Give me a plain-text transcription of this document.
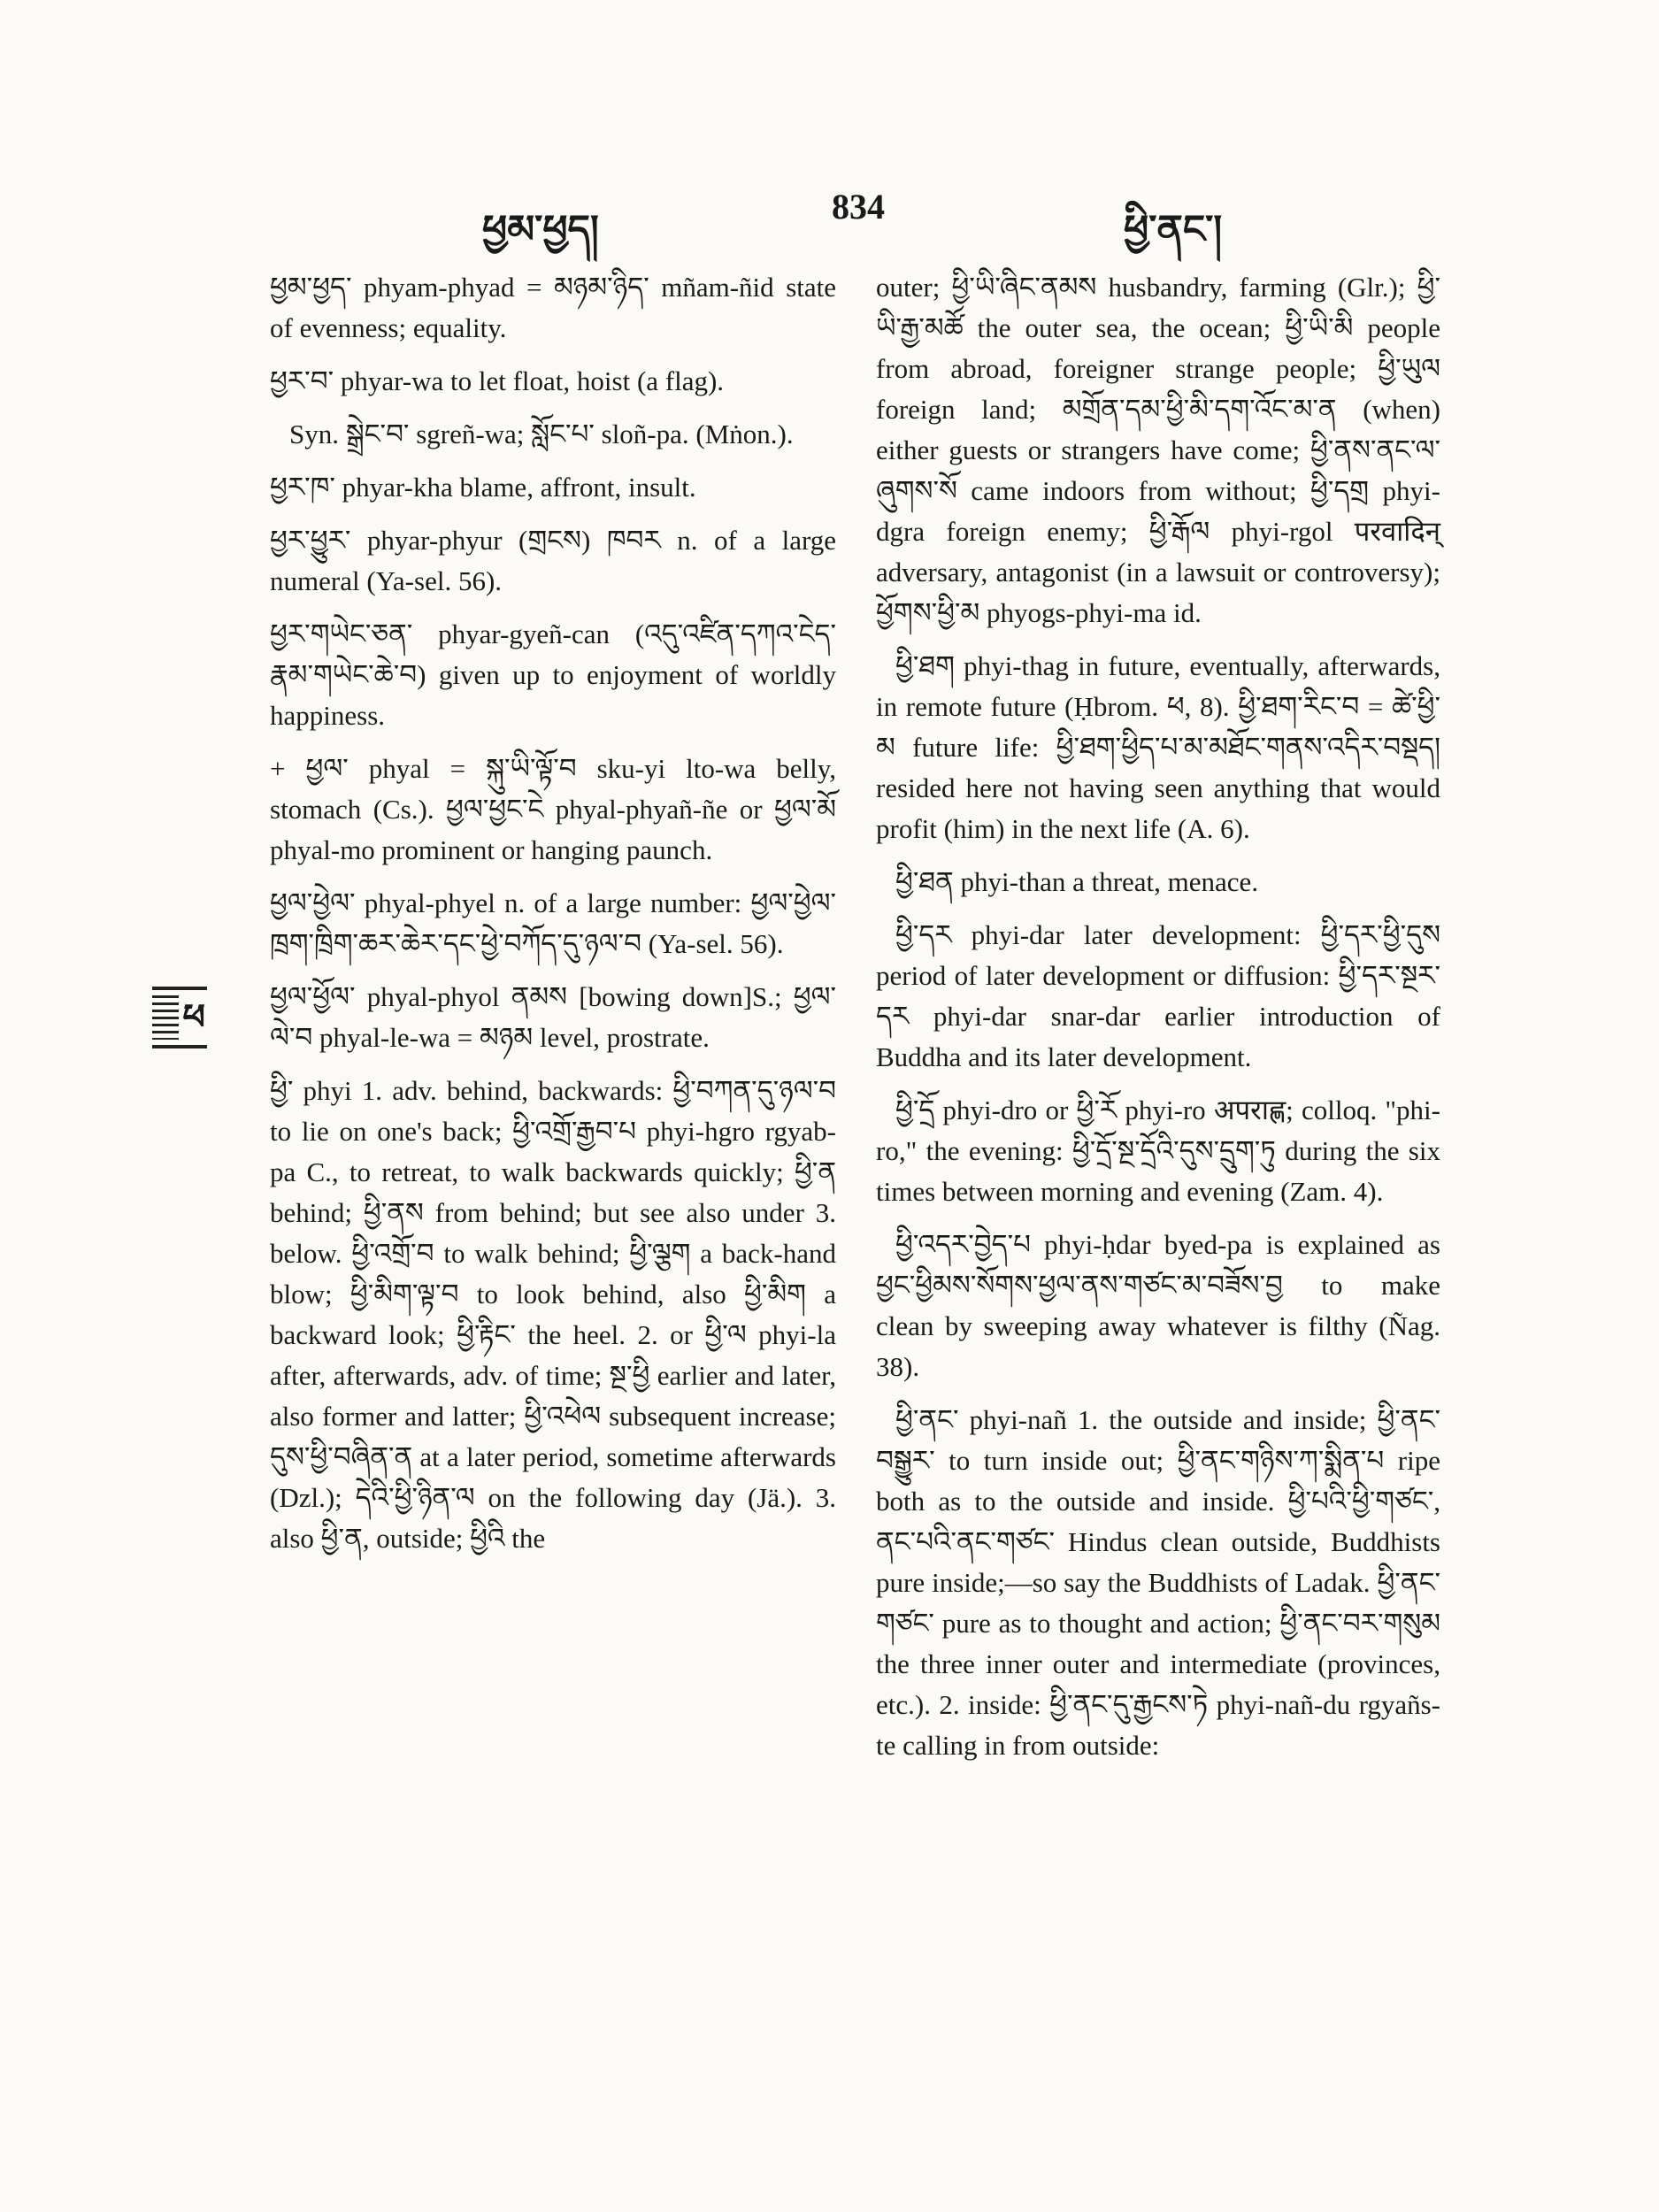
ཕྱམ་ཕྱད།
834
ཕྱི་ནང་།
ཕ

ཕྱམ་ཕྱད་ phyam-phyad = མཉམ་ཉིད་ mñam-ñid state of evenness; equality.

ཕྱར་བ་ phyar-wa to let float, hoist (a flag).

Syn. སྒྲེང་བ་ sgreñ-wa; སློང་པ་ sloñ-pa. (Mṅon.).

ཕྱར་ཁ་ phyar-kha blame, affront, insult.

ཕྱར་ཕྱུར་ phyar-phyur (གྲངས) ཁབར n. of a large numeral (Ya-sel. 56).

ཕྱར་གཡེང་ཅན་ phyar-gyeñ-can (འདུ་འཛིན་དཀའ་ངེད་རྣམ་གཡེང་ཆེ་བ) given up to enjoyment of worldly happiness.

+ ཕྱལ་ phyal = སྐུ་ཡི་ལྟོ་བ sku-yi lto-wa belly, stomach (Cs.). ཕྱལ་ཕྱང་ངེ phyal-phyañ-ñe or ཕྱལ་མོ phyal-mo prominent or hanging paunch.

ཕྱལ་ཕྱེལ་ phyal-phyel n. of a large number: ཕྱལ་ཕྱེལ་ཁྲག་ཁྲིག་ཆར་ཆེར་དང་ཕྱེ་བཀོད་དུ་ཉལ་བ (Ya-sel. 56).

ཕྱལ་ཕྱོལ་ phyal-phyol ནམས [bowing down]S.; ཕྱལ་ལེ་བ phyal-le-wa = མཉམ level, prostrate.

ཕྱི་ phyi 1. adv. behind, backwards: ཕྱི་བཀན་དུ་ཉལ་བ to lie on one's back; ཕྱི་འགྲོ་རྒྱབ་པ phyi-hgro rgyab-pa C., to retreat, to walk backwards quickly; ཕྱི་ན behind; ཕྱི་ནས from behind; but see also under 3. below. ཕྱི་འགྲོ་བ to walk behind; ཕྱི་ལྕག a back-hand blow; ཕྱི་མིག་ལྟ་བ to look behind, also ཕྱི་མིག a backward look; ཕྱི་རྟིང་ the heel. 2. or ཕྱི་ལ phyi-la after, afterwards, adv. of time; སྔ་ཕྱི earlier and later, also former and latter; ཕྱི་འཕེལ subsequent increase; དུས་ཕྱི་བཞིན་ན at a later period, sometime afterwards (Dzl.); དེའི་ཕྱི་ཉིན་ལ on the following day (Jä.). 3. also ཕྱི་ན, outside; ཕྱིའི the

outer; ཕྱི་ཡི་ཞིང་ནམས husbandry, farming (Glr.); ཕྱི་ཡི་རྒྱ་མཚོ the outer sea, the ocean; ཕྱི་ཡི་མི people from abroad, foreigner strange people; ཕྱི་ཡུལ foreign land; མགྲོན་དམ་ཕྱི་མི་དག་འོང་མ་ན (when) either guests or strangers have come; ཕྱི་ནས་ནང་ལ་ཞུགས་སོ came indoors from without; ཕྱི་དགྲ phyi-dgra foreign enemy; ཕྱི་རྒོལ phyi-rgol परवादिन् adversary, antagonist (in a lawsuit or controversy); ཕྱོགས་ཕྱི་མ phyogs-phyi-ma id.

ཕྱི་ཐག phyi-thag in future, eventually, afterwards, in remote future (Ḥbrom. ཕ, 8). ཕྱི་ཐག་རིང་བ = ཚེ་ཕྱི་མ future life: ཕྱི་ཐག་ཕྱིད་པ་མ་མཐོང་གནས་འདིར་བསྡད། resided here not having seen anything that would profit (him) in the next life (A. 6).

ཕྱི་ཐན phyi-than a threat, menace.

ཕྱི་དར phyi-dar later development: ཕྱི་དར་ཕྱི་དུས period of later development or diffusion: ཕྱི་དར་སྔར་དར phyi-dar snar-dar earlier introduction of Buddha and its later development.

ཕྱི་དྲོ phyi-dro or ཕྱི་རོ phyi-ro अपराह्ण; colloq. "phi-ro," the evening: ཕྱི་དྲོ་སྔ་དྲོའི་དུས་དྲུག་ཏུ during the six times between morning and evening (Zam. 4).

ཕྱི་འདར་བྱེད་པ phyi-ḥdar byed-pa is explained as ཕྱང་ཕྱིམས་སོགས་ཕྱལ་ནས་གཙང་མ་བཟོས་བྱ to make clean by sweeping away whatever is filthy (Ñag. 38).

ཕྱི་ནང་ phyi-nañ 1. the outside and inside; ཕྱི་ནང་བསྒྱུར་ to turn inside out; ཕྱི་ནང་གཉིས་ཀ་སྨིན་པ ripe both as to the outside and inside. ཕྱི་པའི་ཕྱི་གཙང་, ནང་པའི་ནང་གཙང་ Hindus clean outside, Buddhists pure inside;—so say the Buddhists of Ladak. ཕྱི་ནང་གཙང་ pure as to thought and action; ཕྱི་ནང་བར་གསུམ the three inner outer and intermediate (provinces, etc.). 2. inside: ཕྱི་ནང་དུ་རྒྱངས་ཏེ phyi-nañ-du rgyañs-te calling in from outside:
